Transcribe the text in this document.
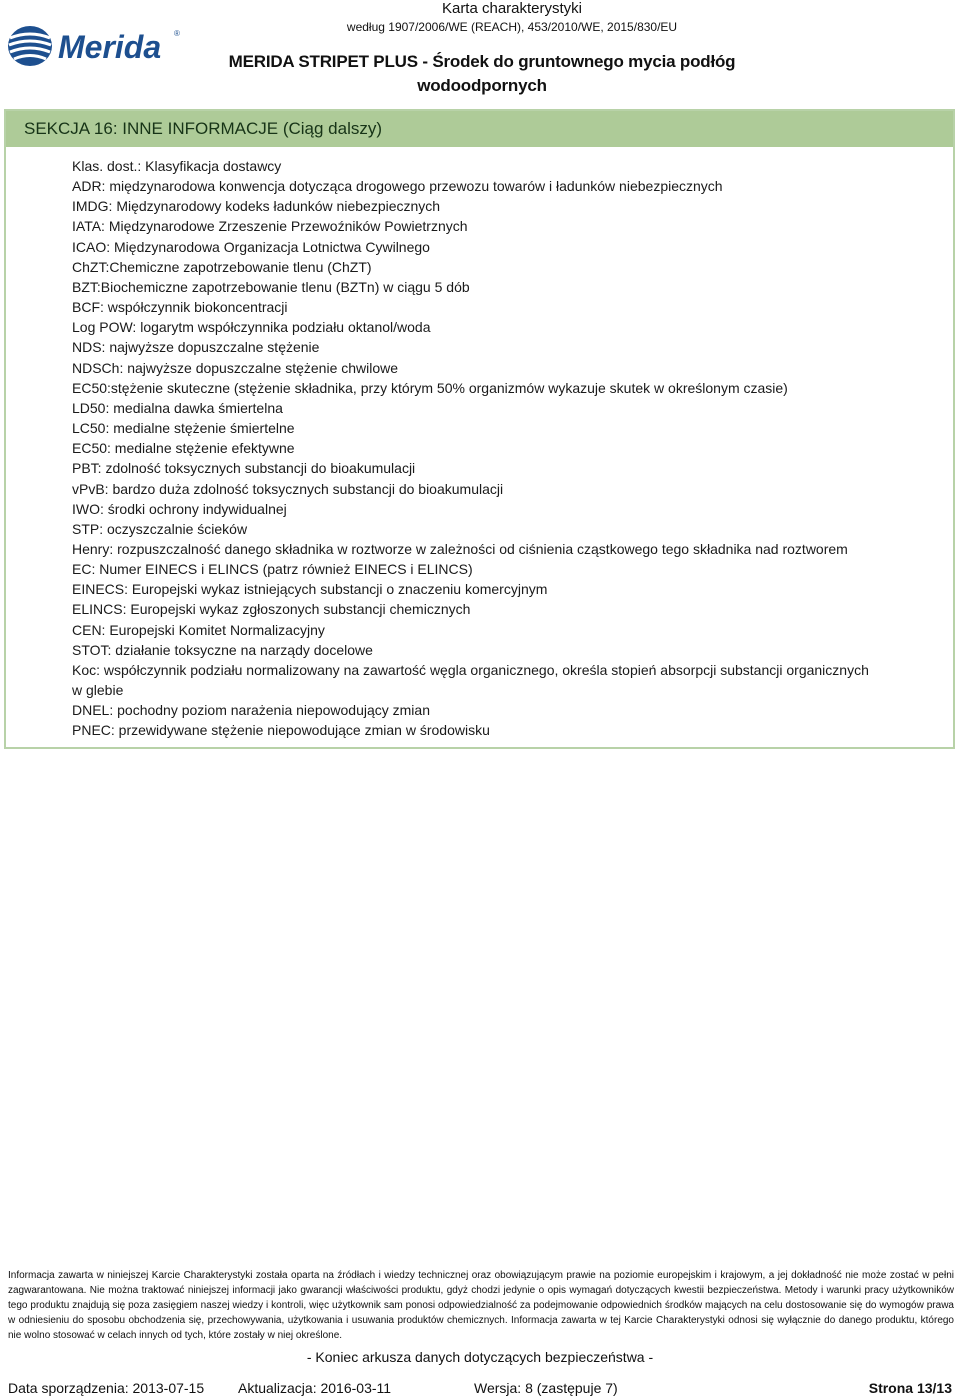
Merida ®
Karta charakterystyki
według 1907/2006/WE (REACH), 453/2010/WE, 2015/830/EU
MERIDA STRIPET PLUS - Środek do gruntownego mycia podłóg
wodoodpornych
SEKCJA 16: INNE INFORMACJE (Ciąg dalszy)
Klas. dost.: Klasyfikacja dostawcy
ADR: międzynarodowa konwencja dotycząca drogowego przewozu towarów i ładunków niebezpiecznych
IMDG: Międzynarodowy kodeks ładunków niebezpiecznych
IATA: Międzynarodowe Zrzeszenie Przewoźników Powietrznych
ICAO: Międzynarodowa Organizacja Lotnictwa Cywilnego
ChZT:Chemiczne zapotrzebowanie tlenu (ChZT)
BZT:Biochemiczne zapotrzebowanie tlenu (BZTn) w ciągu 5 dób
BCF: współczynnik biokoncentracji
Log POW: logarytm współczynnika podziału oktanol/woda
NDS: najwyższe dopuszczalne stężenie
NDSCh: najwyższe dopuszczalne stężenie chwilowe
EC50:stężenie skuteczne (stężenie składnika, przy którym 50% organizmów wykazuje skutek w określonym czasie)
LD50: medialna dawka śmiertelna
LC50: medialne stężenie śmiertelne
EC50: medialne stężenie efektywne
PBT: zdolność toksycznych substancji do bioakumulacji
vPvB: bardzo duża zdolność toksycznych substancji do bioakumulacji
IWO: środki ochrony indywidualnej
STP: oczyszczalnie ścieków
Henry: rozpuszczalność danego składnika w roztworze w zależności od ciśnienia cząstkowego tego składnika nad roztworem
EC: Numer EINECS i ELINCS (patrz również EINECS i ELINCS)
EINECS: Europejski wykaz istniejących substancji o znaczeniu komercyjnym
ELINCS: Europejski wykaz zgłoszonych substancji chemicznych
CEN: Europejski Komitet Normalizacyjny
STOT: działanie toksyczne na narządy docelowe
Koc: współczynnik podziału normalizowany na zawartość węgla organicznego, określa stopień absorpcji substancji organicznych
w glebie
DNEL: pochodny poziom narażenia niepowodujący zmian
PNEC: przewidywane stężenie niepowodujące zmian w środowisku

Informacja zawarta w niniejszej Karcie Charakterystyki została oparta na źródłach i wiedzy technicznej oraz obowiązującym prawie na poziomie europejskim i krajowym, a jej dokładność nie może zostać w pełni zagwarantowana. Nie można traktować niniejszej informacji jako gwarancji właściwości produktu, gdyż chodzi jedynie o opis wymagań dotyczących kwestii bezpieczeństwa. Metody i warunki pracy użytkowników tego produktu znajdują się poza zasięgiem naszej wiedzy i kontroli, więc użytkownik sam ponosi odpowiedzialność za podejmowanie odpowiednich środków mających na celu dostosowanie się do wymogów prawa w odniesieniu do sposobu obchodzenia się, przechowywania, użytkowania i usuwania produktów chemicznych. Informacja zawarta w tej Karcie Charakterystyki odnosi się wyłącznie do danego produktu, którego nie wolno stosować w celach innych od tych, które zostały w niej określone.

- Koniec arkusza danych dotyczących bezpieczeństwa -
Data sporządzenia: 2013-07-15 Aktualizacja: 2016-03-11	Wersja: 8 (zastępuje 7)	Strona 13/13
